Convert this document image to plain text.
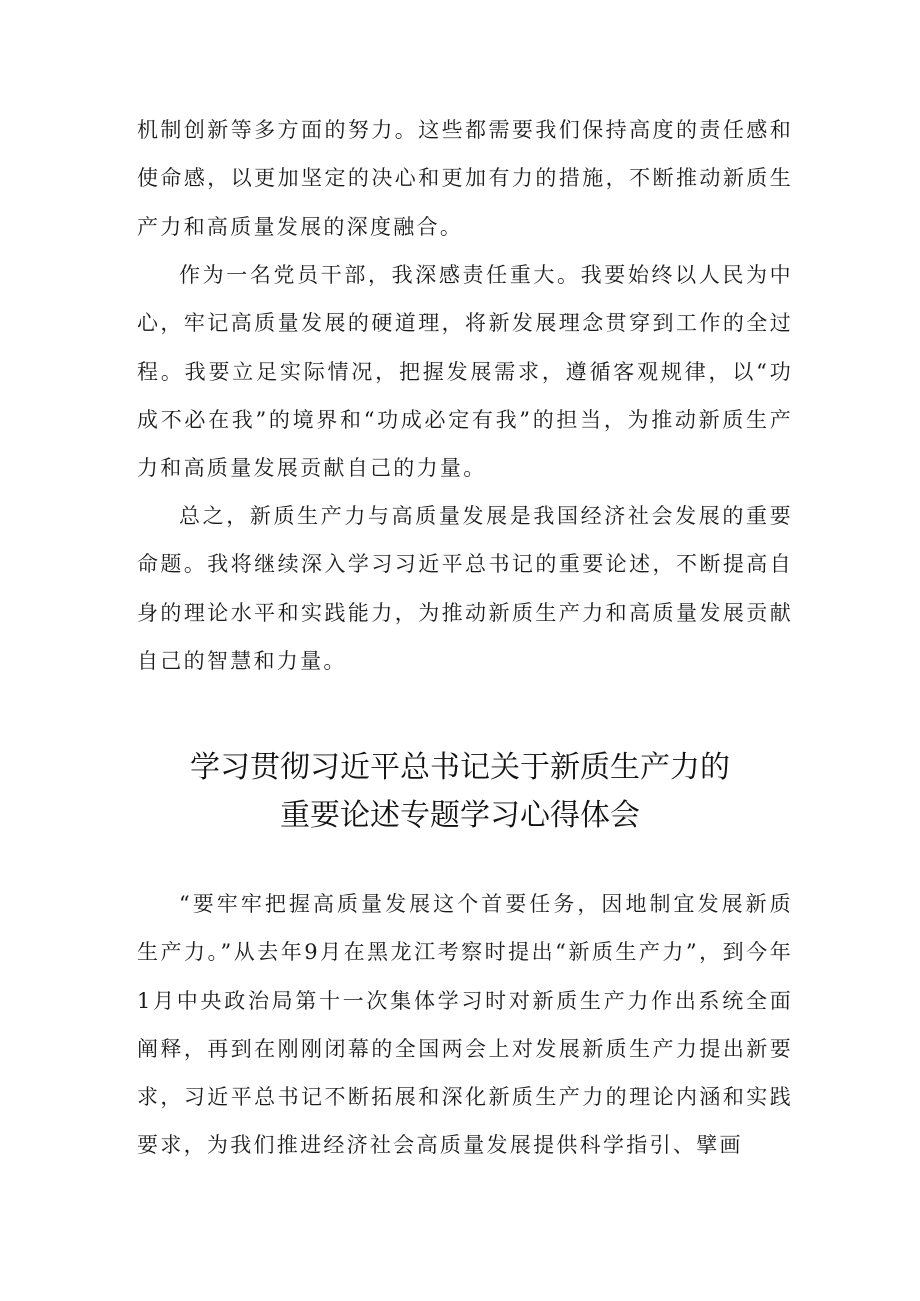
机制创新等多方面的努力。这些都需要我们保持高度的责任感和使命感，以更加坚定的决心和更加有力的措施，不断推动新质生产力和高质量发展的深度融合。

作为一名党员干部，我深感责任重大。我要始终以人民为中心，牢记高质量发展的硬道理，将新发展理念贯穿到工作的全过程。我要立足实际情况，把握发展需求，遵循客观规律，以“功成不必在我”的境界和“功成必定有我”的担当，为推动新质生产力和高质量发展贡献自己的力量。

总之，新质生产力与高质量发展是我国经济社会发展的重要命题。我将继续深入学习习近平总书记的重要论述，不断提高自身的理论水平和实践能力，为推动新质生产力和高质量发展贡献自己的智慧和力量。

学习贯彻习近平总书记关于新质生产力的
重要论述专题学习心得体会

“要牢牢把握高质量发展这个首要任务，因地制宜发展新质生产力。”从去年9月在黑龙江考察时提出“新质生产力”，到今年1月中央政治局第十一次集体学习时对新质生产力作出系统全面阐释，再到在刚刚闭幕的全国两会上对发展新质生产力提出新要求，习近平总书记不断拓展和深化新质生产力的理论内涵和实践要求，为我们推进经济社会高质量发展提供科学指引、擘画
